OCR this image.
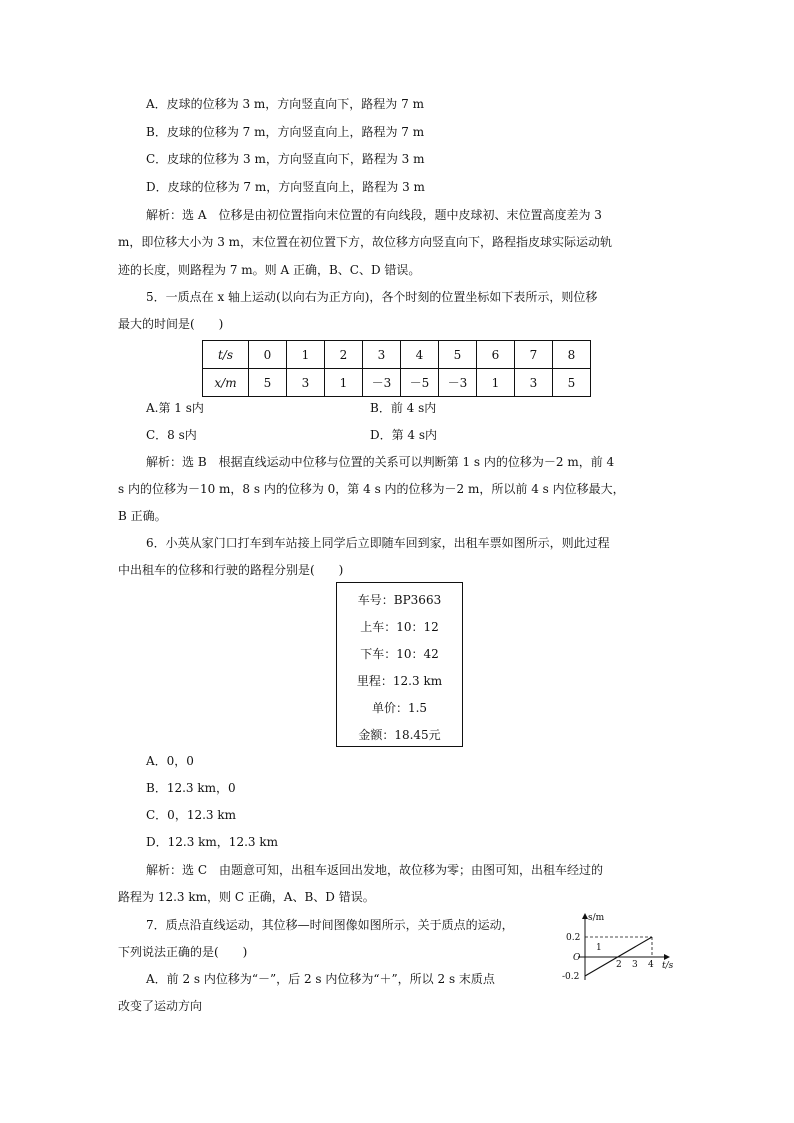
A．皮球的位移为 3 m，方向竖直向下，路程为 7 m
B．皮球的位移为 7 m，方向竖直向上，路程为 7 m
C．皮球的位移为 3 m，方向竖直向下，路程为 3 m
D．皮球的位移为 7 m，方向竖直向上，路程为 3 m
解析：选 A　位移是由初位置指向末位置的有向线段，题中皮球初、末位置高度差为 3
m，即位移大小为 3 m，末位置在初位置下方，故位移方向竖直向下，路程指皮球实际运动轨
迹的长度，则路程为 7 m。则 A 正确，B、C、D 错误。
5．一质点在 x 轴上运动(以向右为正方向)，各个时刻的位置坐标如下表所示，则位移
最大的时间是(　　)
t/s	0	1	2	3	4	5	6	7	8
x/m	5	3	1	－3	－5	－3	1	3	5
A.第 1 s内	B．前 4 s内
C．8 s内	D．第 4 s内
解析：选 B　根据直线运动中位移与位置的关系可以判断第 1 s 内的位移为－2 m，前 4
s 内的位移为－10 m，8 s 内的位移为 0，第 4 s 内的位移为－2 m，所以前 4 s 内位移最大，
B 正确。
6．小英从家门口打车到车站接上同学后立即随车回到家，出租车票如图所示，则此过程
中出租车的位移和行驶的路程分别是(　　)
车号：BP3663
上车：10：12
下车：10：42
里程：12.3 km
单价：1.5
金额：18.45元
A．0，0
B．12.3 km，0
C．0，12.3 km
D．12.3 km，12.3 km
解析：选 C　由题意可知，出租车返回出发地，故位移为零；由图可知，出租车经过的
路程为 12.3 km，则 C 正确，A、B、D 错误。
7．质点沿直线运动，其位移—时间图像如图所示，关于质点的运动，
下列说法正确的是(　　)
A．前 2 s 内位移为“－”，后 2 s 内位移为“＋”，所以 2 s 末质点
改变了运动方向
s/m
t/s
O
0.2
-0.2
2 3 4
1
